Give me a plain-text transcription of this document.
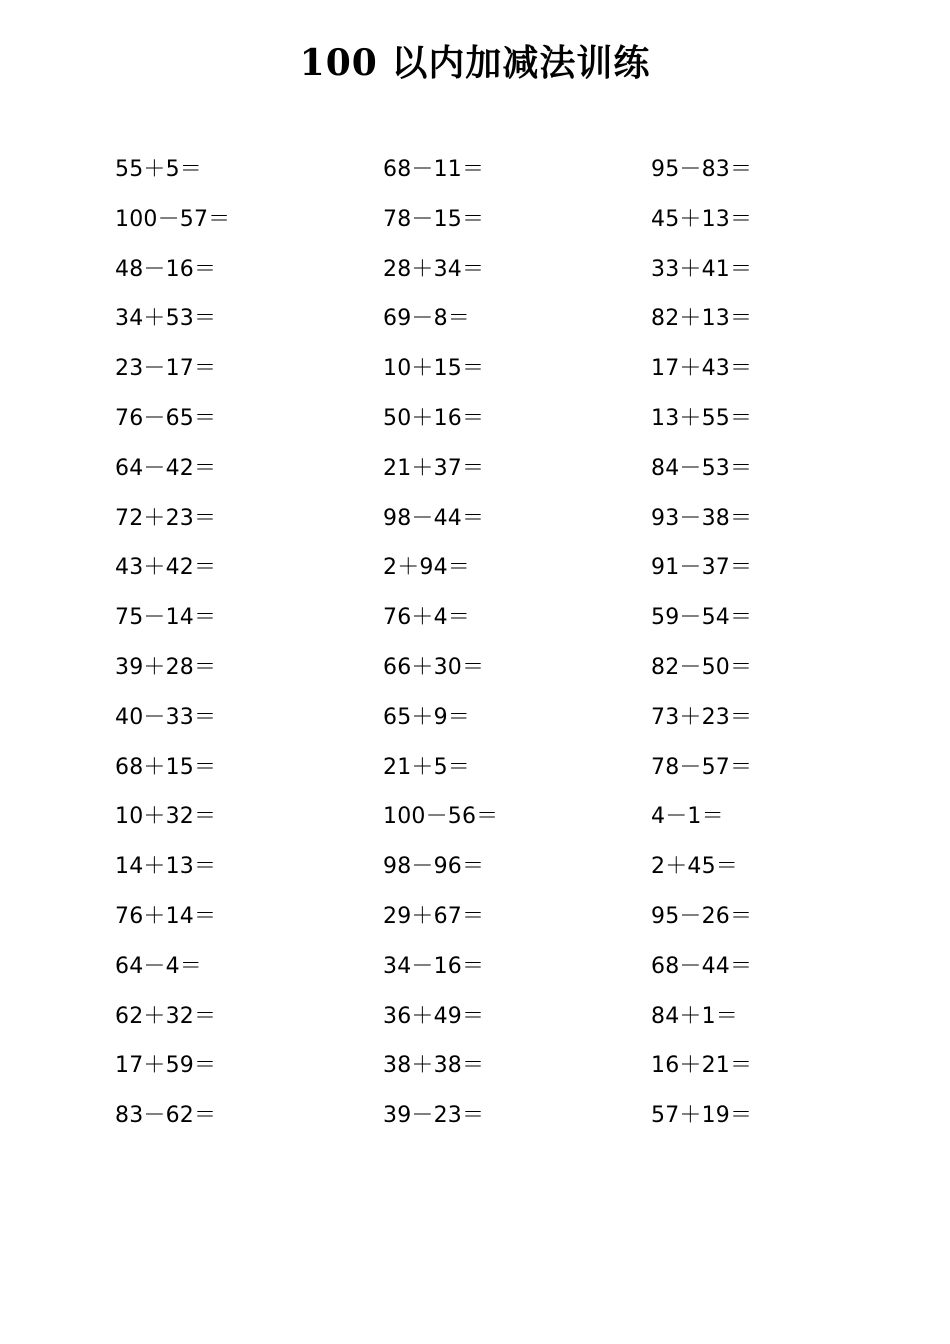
100 以内加减法训练
55＋5＝	68－11＝	95－83＝
100－57＝	78－15＝	45＋13＝
48－16＝	28＋34＝	33＋41＝
34＋53＝	69－8＝	82＋13＝
23－17＝	10＋15＝	17＋43＝
76－65＝	50＋16＝	13＋55＝
64－42＝	21＋37＝	84－53＝
72＋23＝	98－44＝	93－38＝
43＋42＝	2＋94＝	91－37＝
75－14＝	76＋4＝	59－54＝
39＋28＝	66＋30＝	82－50＝
40－33＝	65＋9＝	73＋23＝
68＋15＝	21＋5＝	78－57＝
10＋32＝	100－56＝	4－1＝
14＋13＝	98－96＝	2＋45＝
76＋14＝	29＋67＝	95－26＝
64－4＝	34－16＝	68－44＝
62＋32＝	36＋49＝	84＋1＝
17＋59＝	38＋38＝	16＋21＝
83－62＝	39－23＝	57＋19＝
